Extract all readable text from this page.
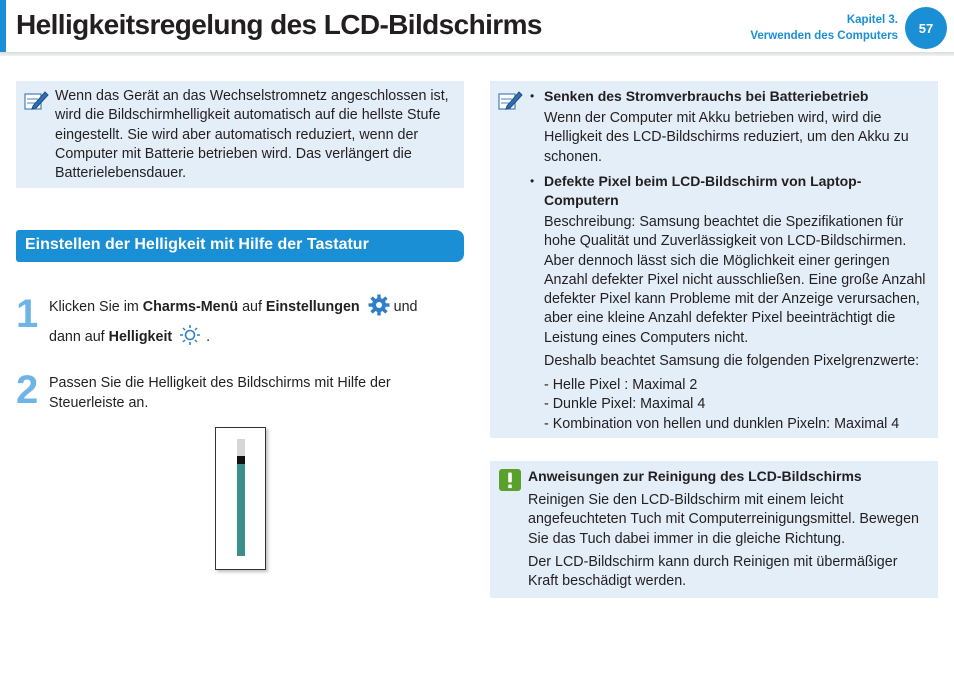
Helligkeitsregelung des LCD-Bildschirms	Kapitel 3.
Verwenden des Computers
57
Wenn das Gerät an das Wechselstromnetz angeschlossen ist, wird die Bildschirmhelligkeit automatisch auf die hellste Stufe eingestellt. Sie wird aber automatisch reduziert, wenn der Computer mit Batterie betrieben wird. Das verlängert die Batterielebensdauer.
Einstellen der Helligkeit mit Hilfe der Tastatur
1 Klicken Sie im Charms-Menü auf Einstellungen  und
dann auf Helligkeit  .
2 Passen Sie die Helligkeit des Bildschirms mit Hilfe der Steuerleiste an.
• Senken des Stromverbrauchs bei Batteriebetrieb
Wenn der Computer mit Akku betrieben wird, wird die Helligkeit des LCD-Bildschirms reduziert, um den Akku zu schonen.
• Defekte Pixel beim LCD-Bildschirm von Laptop-Computern
Beschreibung: Samsung beachtet die Spezifikationen für hohe Qualität und Zuverlässigkeit von LCD-Bildschirmen. Aber dennoch lässt sich die Möglichkeit einer geringen Anzahl defekter Pixel nicht ausschließen. Eine große Anzahl defekter Pixel kann Probleme mit der Anzeige verursachen, aber eine kleine Anzahl defekter Pixel beeinträchtigt die Leistung eines Computers nicht.
Deshalb beachtet Samsung die folgenden Pixelgrenzwerte:
- Helle Pixel : Maximal 2
- Dunkle Pixel: Maximal 4
- Kombination von hellen und dunklen Pixeln: Maximal 4
Anweisungen zur Reinigung des LCD-Bildschirms
Reinigen Sie den LCD-Bildschirm mit einem leicht angefeuchteten Tuch mit Computerreinigungsmittel. Bewegen Sie das Tuch dabei immer in die gleiche Richtung.
Der LCD-Bildschirm kann durch Reinigen mit übermäßiger Kraft beschädigt werden.
